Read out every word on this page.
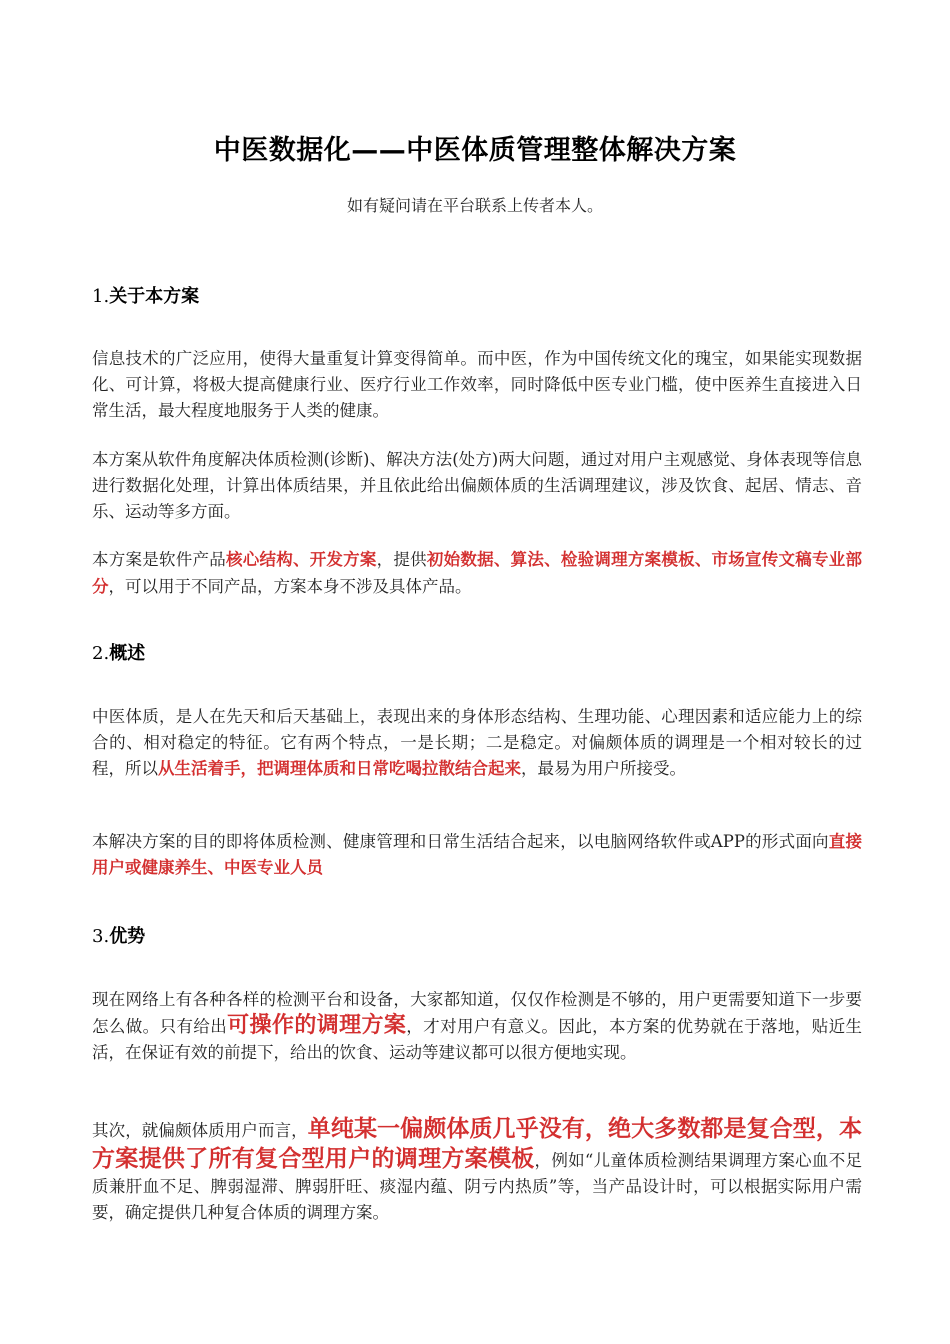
中医数据化——中医体质管理整体解决方案
如有疑问请在平台联系上传者本人。
1.关于本方案
信息技术的广泛应用，使得大量重复计算变得简单。而中医，作为中国传统文化的瑰宝，如果能实现数据化、可计算，将极大提高健康行业、医疗行业工作效率，同时降低中医专业门槛，使中医养生直接进入日常生活，最大程度地服务于人类的健康。
本方案从软件角度解决体质检测(诊断)、解决方法(处方)两大问题，通过对用户主观感觉、身体表现等信息进行数据化处理，计算出体质结果，并且依此给出偏颇体质的生活调理建议，涉及饮食、起居、情志、音乐、运动等多方面。
本方案是软件产品核心结构、开发方案，提供初始数据、算法、检验调理方案模板、市场宣传文稿专业部分，可以用于不同产品，方案本身不涉及具体产品。
2.概述
中医体质，是人在先天和后天基础上，表现出来的身体形态结构、生理功能、心理因素和适应能力上的综合的、相对稳定的特征。它有两个特点，一是长期；二是稳定。对偏颇体质的调理是一个相对较长的过程，所以从生活着手，把调理体质和日常吃喝拉散结合起来，最易为用户所接受。
本解决方案的目的即将体质检测、健康管理和日常生活结合起来，以电脑网络软件或APP的形式面向直接用户或健康养生、中医专业人员
3.优势
现在网络上有各种各样的检测平台和设备，大家都知道，仅仅作检测是不够的，用户更需要知道下一步要怎么做。只有给出可操作的调理方案，才对用户有意义。因此，本方案的优势就在于落地，贴近生活，在保证有效的前提下，给出的饮食、运动等建议都可以很方便地实现。
其次，就偏颇体质用户而言，单纯某一偏颇体质几乎没有，绝大多数都是复合型，本方案提供了所有复合型用户的调理方案模板，例如“儿童体质检测结果调理方案心血不足质兼肝血不足、脾弱湿滞、脾弱肝旺、痰湿内蕴、阴亏内热质”等，当产品设计时，可以根据实际用户需要，确定提供几种复合体质的调理方案。
